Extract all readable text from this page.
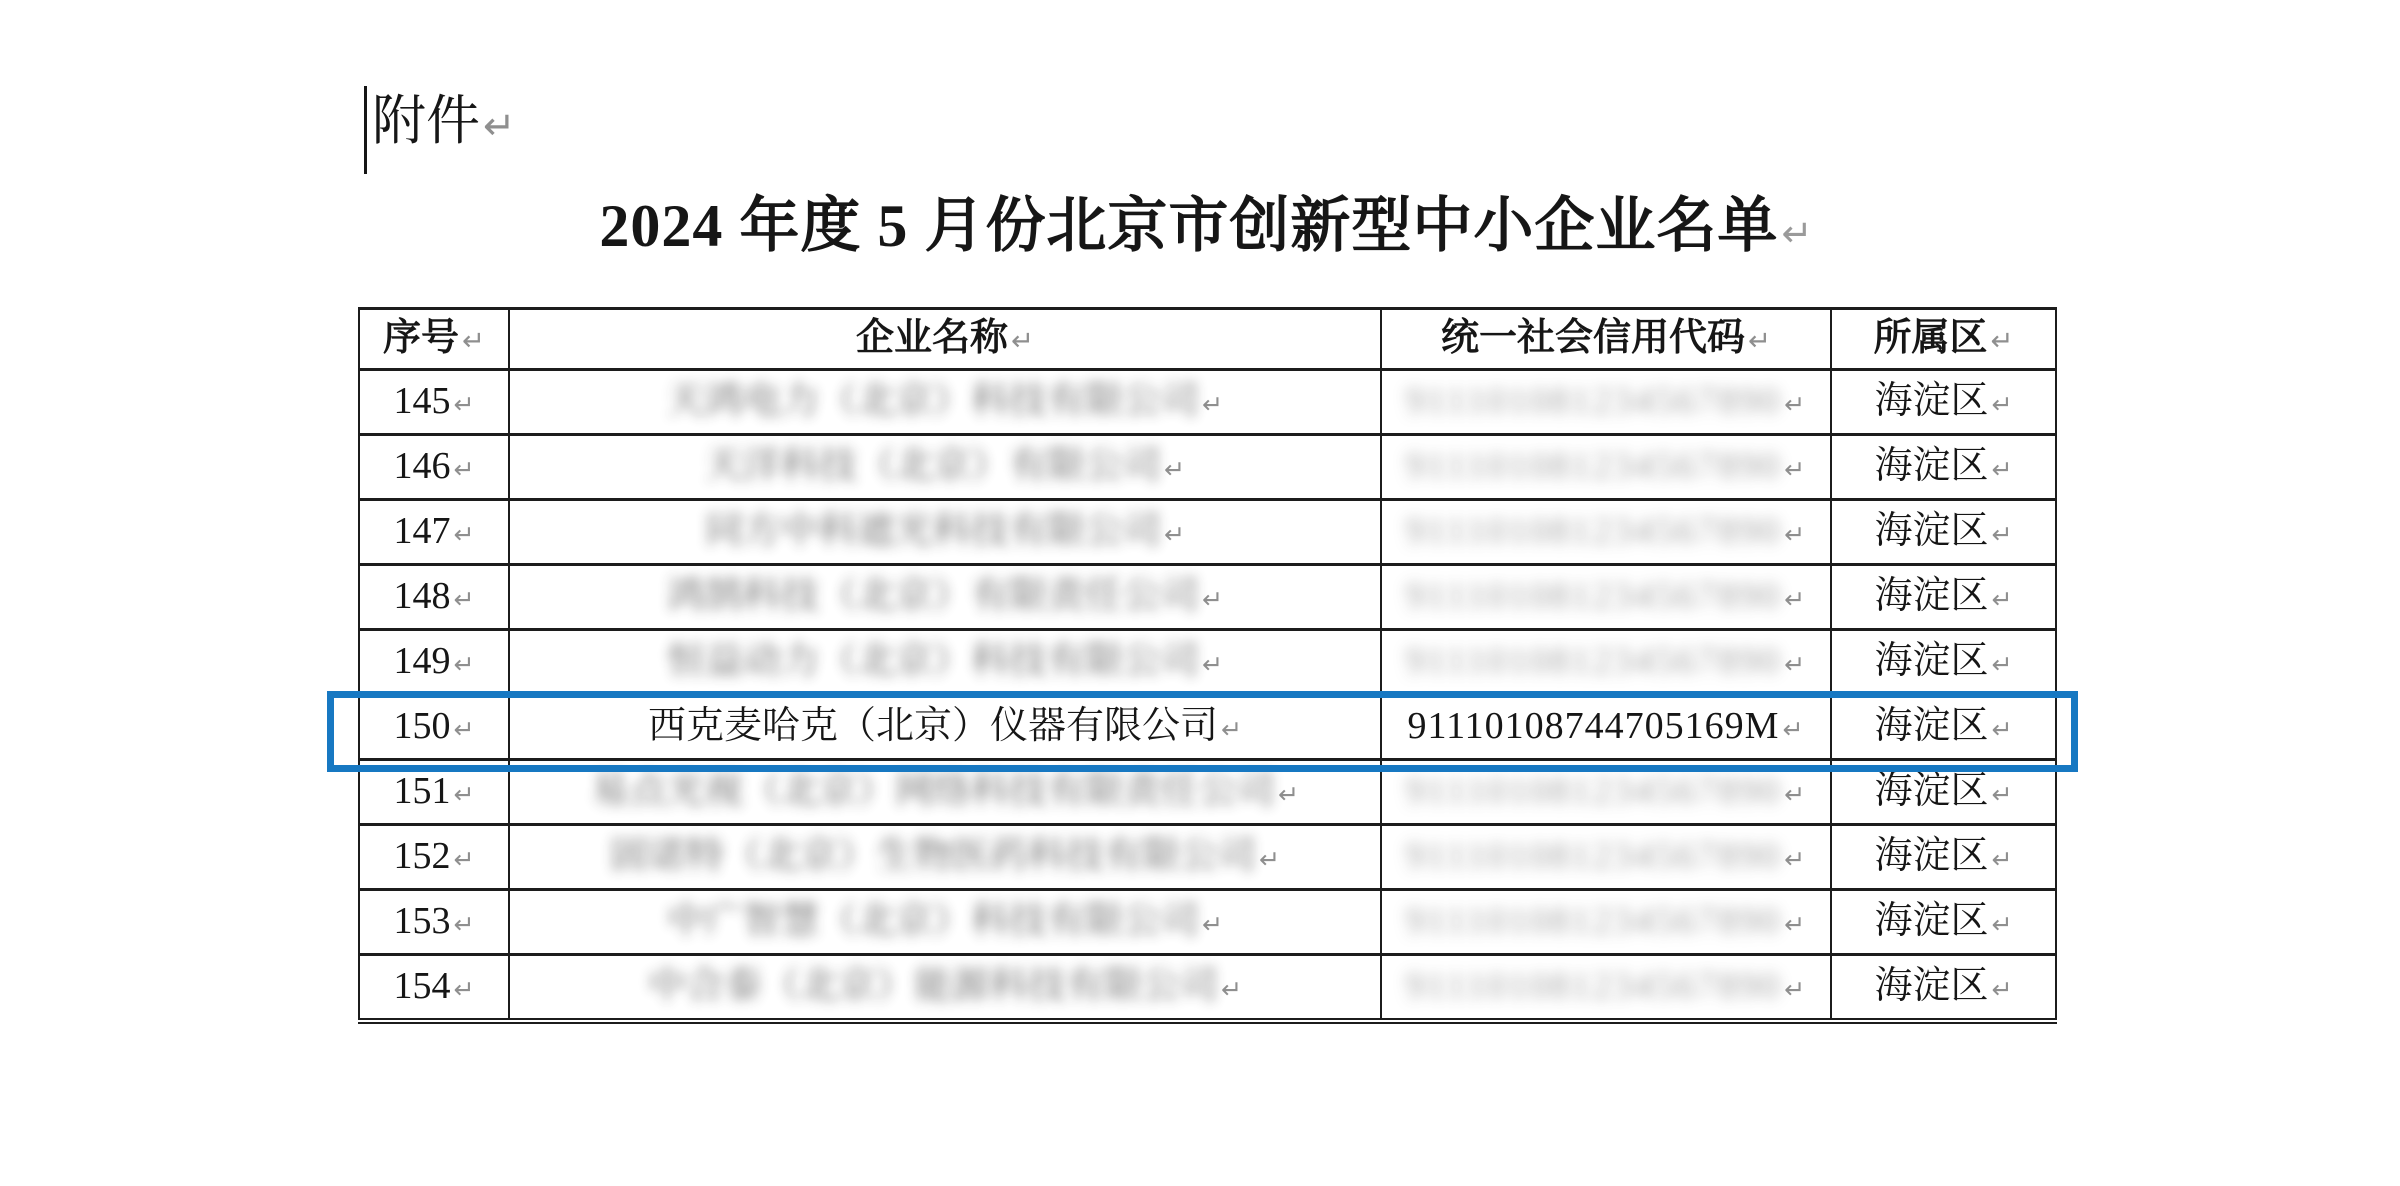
附件↵
2024 年度 5 月份北京市创新型中小企业名单↵
序号 ↵	企业名称 ↵	统一社会信用代码 ↵	所属区 ↵
145 ↵	天鸿电力（北京）科技有限公司 ↵	911101081234567890 ↵	海淀区 ↵
146 ↵	天洋科技（北京）有限公司 ↵	911101081234567890 ↵	海淀区 ↵
147 ↵	同方中科遮光科技有限公司 ↵	911101081234567890 ↵	海淀区 ↵
148 ↵	鸿鹄科技（北京）有限责任公司 ↵	911101081234567890 ↵	海淀区 ↵
149 ↵	恒益动力（北京）科技有限公司 ↵	911101081234567890 ↵	海淀区 ↵
150 ↵	西克麦哈克（北京）仪器有限公司 ↵	91110108744705169M ↵	海淀区 ↵
151 ↵	易点光视（北京）网络科技有限责任公司 ↵	911101081234567890 ↵	海淀区 ↵
152 ↵	固诺特（北京）生物医药科技有限公司 ↵	911101081234567890 ↵	海淀区 ↵
153 ↵	中广智慧（北京）科技有限公司 ↵	911101081234567890 ↵	海淀区 ↵
154 ↵	中合泰（北京）能源科技有限公司 ↵	911101081234567890 ↵	海淀区 ↵
